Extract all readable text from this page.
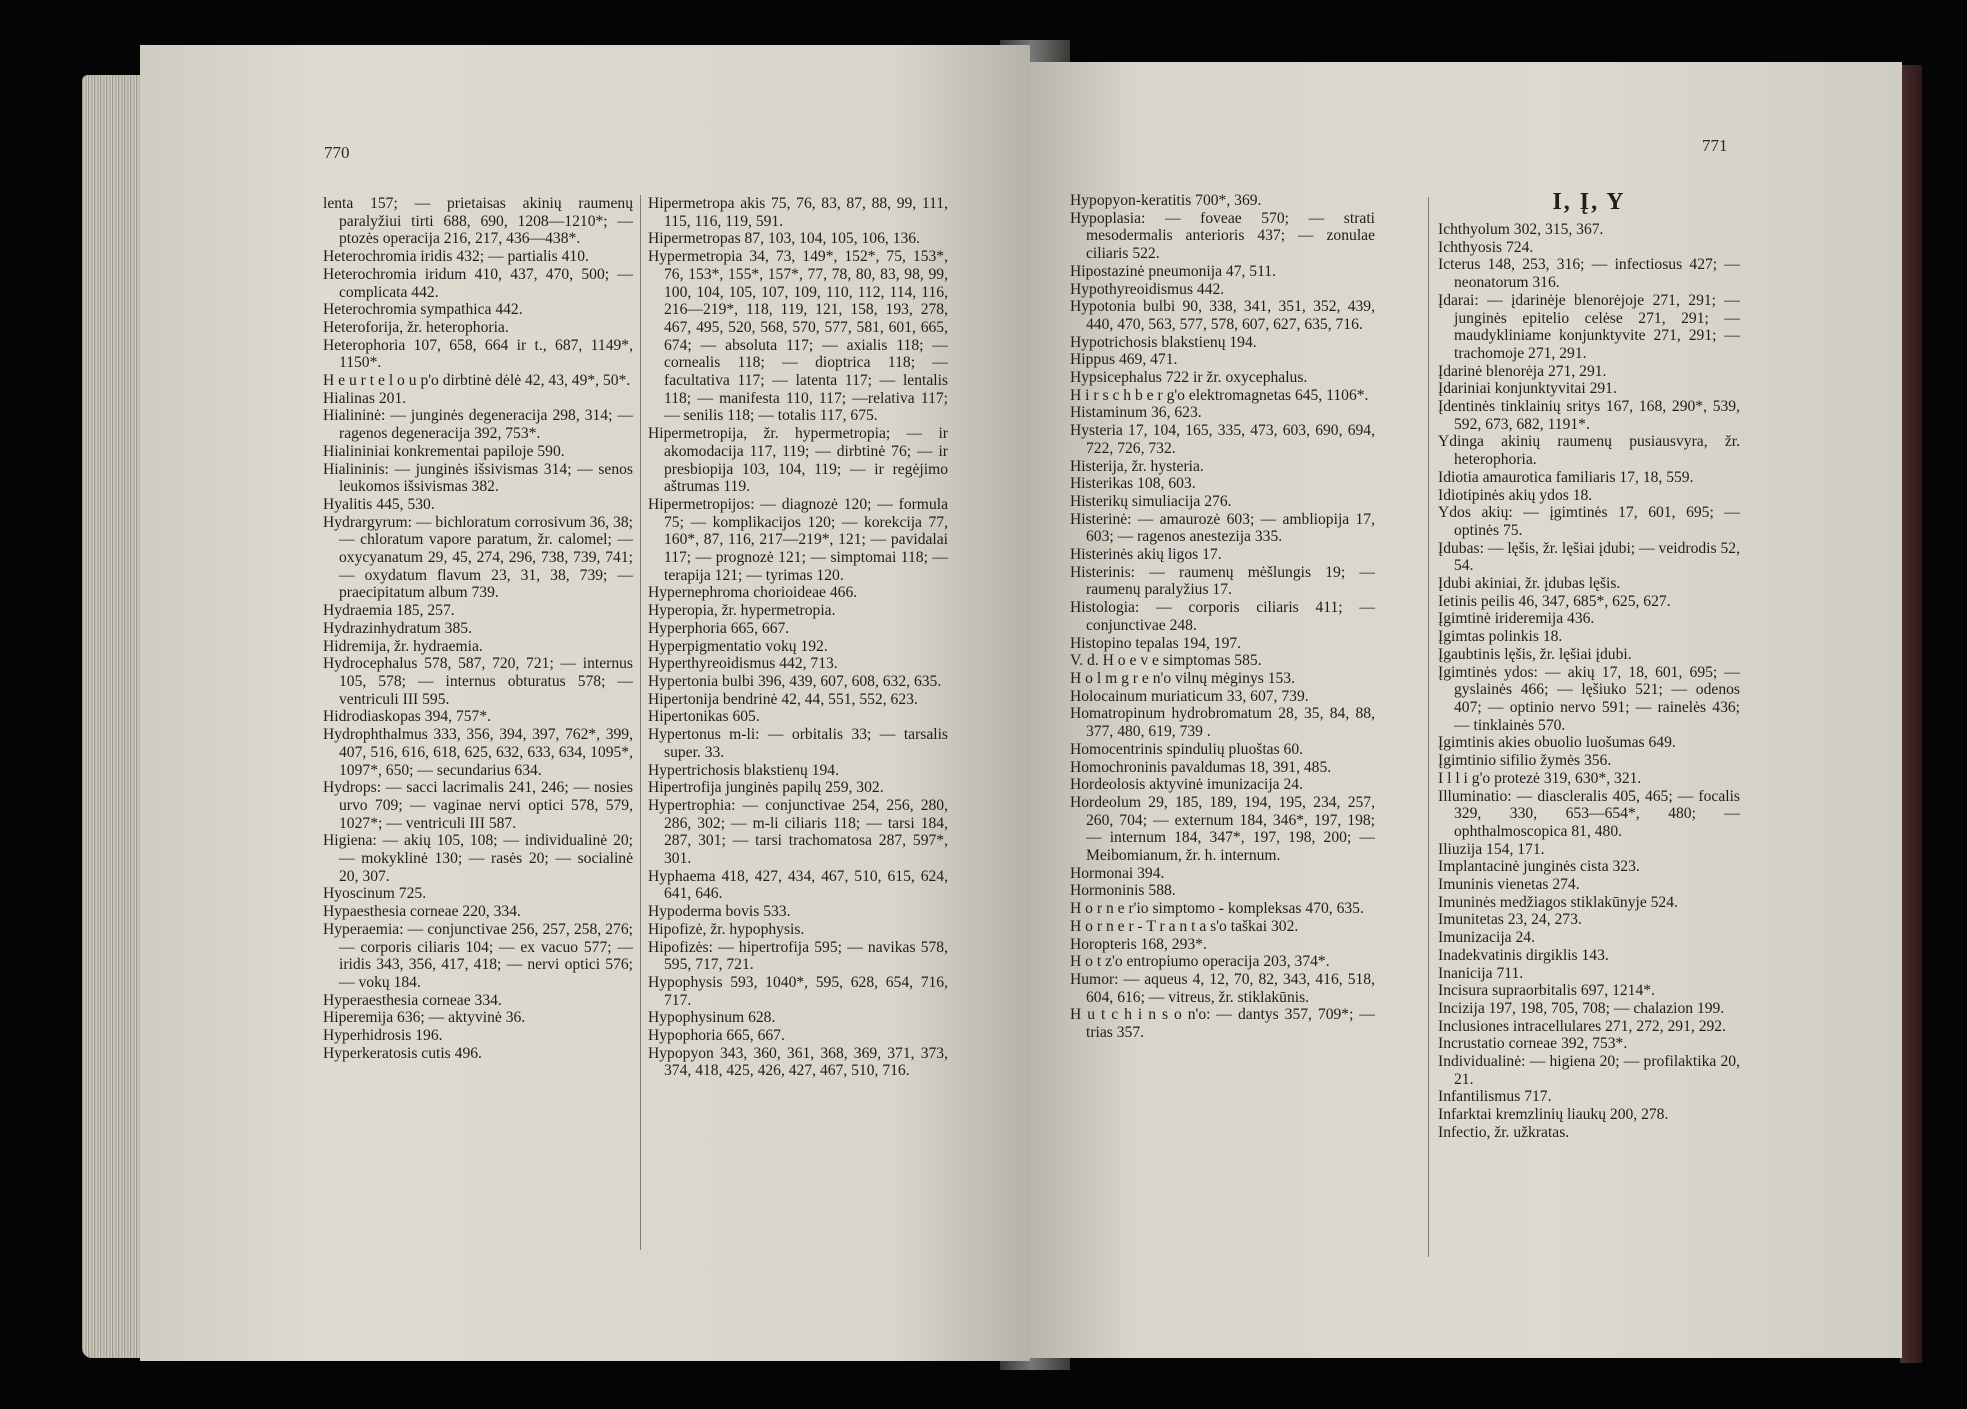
770

lenta 157; — prietaisas akinių raumenų paralyžiui tirti 688, 690, 1208—1210*; — ptozės operacija 216, 217, 436—438*.

Heterochromia iridis 432; — partialis 410.

Heterochromia iridum 410, 437, 470, 500; — complicata 442.

Heterochromia sympathica 442.

Heteroforija, žr. heterophoria.

Heterophoria 107, 658, 664 ir t., 687, 1149*, 1150*.

H e u r t e l o u p'o dirbtinė dėlė 42, 43, 49*, 50*.

Hialinas 201.

Hialininė: — junginės degeneracija 298, 314; — ragenos degeneracija 392, 753*.

Hialininiai konkrementai papiloje 590.

Hialininis: — junginės išsivismas 314; — senos leukomos išsivismas 382.

Hyalitis 445, 530.

Hydrargyrum: — bichloratum corrosivum 36, 38; — chloratum vapore paratum, žr. calomel; — oxycyanatum 29, 45, 274, 296, 738, 739, 741; — oxydatum flavum 23, 31, 38, 739; — praecipitatum album 739.

Hydraemia 185, 257.

Hydrazinhydratum 385.

Hidremija, žr. hydraemia.

Hydrocephalus 578, 587, 720, 721; — internus 105, 578; — internus obturatus 578; — ventriculi III 595.

Hidrodiaskopas 394, 757*.

Hydrophthalmus 333, 356, 394, 397, 762*, 399, 407, 516, 616, 618, 625, 632, 633, 634, 1095*, 1097*, 650; — secundarius 634.

Hydrops: — sacci lacrimalis 241, 246; — nosies urvo 709; — vaginae nervi optici 578, 579, 1027*; — ventriculi III 587.

Higiena: — akių 105, 108; — individualinė 20; — mokyklinė 130; — rasės 20; — socialinė 20, 307.

Hyoscinum 725.

Hypaesthesia corneae 220, 334.

Hyperaemia: — conjunctivae 256, 257, 258, 276; — corporis ciliaris 104; — ex vacuo 577; — iridis 343, 356, 417, 418; — nervi optici 576; — vokų 184.

Hyperaesthesia corneae 334.

Hiperemija 636; — aktyvinė 36.

Hyperhidrosis 196.

Hyperkeratosis cutis 496.

Hipermetropa akis 75, 76, 83, 87, 88, 99, 111, 115, 116, 119, 591.

Hipermetropas 87, 103, 104, 105, 106, 136.

Hypermetropia 34, 73, 149*, 152*, 75, 153*, 76, 153*, 155*, 157*, 77, 78, 80, 83, 98, 99, 100, 104, 105, 107, 109, 110, 112, 114, 116, 216—219*, 118, 119, 121, 158, 193, 278, 467, 495, 520, 568, 570, 577, 581, 601, 665, 674; — absoluta 117; — axialis 118; — cornealis 118; — dioptrica 118; — facultativa 117; — latenta 117; — lentalis 118; — manifesta 110, 117; —relativa 117; — senilis 118; — totalis 117, 675.

Hipermetropija, žr. hypermetropia; — ir akomodacija 117, 119; — dirbtinė 76; — ir presbiopija 103, 104, 119; — ir regėjimo aštrumas 119.

Hipermetropijos: — diagnozė 120; — formula 75; — komplikacijos 120; — korekcija 77, 160*, 87, 116, 217—219*, 121; — pavidalai 117; — prognozė 121; — simptomai 118; — terapija 121; — tyrimas 120.

Hypernephroma chorioideae 466.

Hyperopia, žr. hypermetropia.

Hyperphoria 665, 667.

Hyperpigmentatio vokų 192.

Hyperthyreoidismus 442, 713.

Hypertonia bulbi 396, 439, 607, 608, 632, 635.

Hipertonija bendrinė 42, 44, 551, 552, 623.

Hipertonikas 605.

Hypertonus m-li: — orbitalis 33; — tarsalis super. 33.

Hypertrichosis blakstienų 194.

Hipertrofija junginės papilų 259, 302.

Hypertrophia: — conjunctivae 254, 256, 280, 286, 302; — m-li ciliaris 118; — tarsi 184, 287, 301; — tarsi trachomatosa 287, 597*, 301.

Hyphaema 418, 427, 434, 467, 510, 615, 624, 641, 646.

Hypoderma bovis 533.

Hipofizė, žr. hypophysis.

Hipofizės: — hipertrofija 595; — navikas 578, 595, 717, 721.

Hypophysis 593, 1040*, 595, 628, 654, 716, 717.

Hypophysinum 628.

Hypophoria 665, 667.

Hypopyon 343, 360, 361, 368, 369, 371, 373, 374, 418, 425, 426, 427, 467, 510, 716.

771

Hypopyon-keratitis 700*, 369.

Hypoplasia: — foveae 570; — strati mesodermalis anterioris 437; — zonulae ciliaris 522.

Hipostazinė pneumonija 47, 511.

Hypothyreoidismus 442.

Hypotonia bulbi 90, 338, 341, 351, 352, 439, 440, 470, 563, 577, 578, 607, 627, 635, 716.

Hypotrichosis blakstienų 194.

Hippus 469, 471.

Hypsicephalus 722 ir žr. oxycephalus.

H i r s c h b e r g'o elektromagnetas 645, 1106*.

Histaminum 36, 623.

Hysteria 17, 104, 165, 335, 473, 603, 690, 694, 722, 726, 732.

Histerija, žr. hysteria.

Histerikas 108, 603.

Histerikų simuliacija 276.

Histerinė: — amaurozė 603; — ambliopija 17, 603; — ragenos anestezija 335.

Histerinės akių ligos 17.

Histerinis: — raumenų mėšlungis 19; — raumenų paralyžius 17.

Histologia: — corporis ciliaris 411; — conjunctivae 248.

Histopino tepalas 194, 197.

V. d. H o e v e simptomas 585.

H o l m g r e n'o vilnų mėginys 153.

Holocainum muriaticum 33, 607, 739.

Homatropinum hydrobromatum 28, 35, 84, 88, 377, 480, 619, 739 .

Homocentrinis spindulių pluoštas 60.

Homochroninis pavaldumas 18, 391, 485.

Hordeolosis aktyvinė imunizacija 24.

Hordeolum 29, 185, 189, 194, 195, 234, 257, 260, 704; — externum 184, 346*, 197, 198; — internum 184, 347*, 197, 198, 200; — Meibomianum, žr. h. internum.

Hormonai 394.

Hormoninis 588.

H o r n e r'io simptomo - kompleksas 470, 635.

H o r n e r - T r a n t a s'o taškai 302.

Horopteris 168, 293*.

H o t z'o entropiumo operacija 203, 374*.

Humor: — aqueus 4, 12, 70, 82, 343, 416, 518, 604, 616; — vitreus, žr. stiklakūnis.

H u t c h i n s o n'o: — dantys 357, 709*; — trias 357.

I, Į, Y

Ichthyolum 302, 315, 367.

Ichthyosis 724.

Icterus 148, 253, 316; — infectiosus 427; — neonatorum 316.

Įdarai: — įdarinėje blenorėjoje 271, 291; — junginės epitelio celėse 271, 291; — maudykliniame konjunktyvite 271, 291; — trachomoje 271, 291.

Įdarinė blenorėja 271, 291.

Įdariniai konjunktyvitai 291.

Įdentinės tinklainių sritys 167, 168, 290*, 539, 592, 673, 682, 1191*.

Ydinga akinių raumenų pusiausvyra, žr. heterophoria.

Idiotia amaurotica familiaris 17, 18, 559.

Idiotipinės akių ydos 18.

Ydos akių: — įgimtinės 17, 601, 695; — optinės 75.

Įdubas: — lęšis, žr. lęšiai įdubi; — veidrodis 52, 54.

Įdubi akiniai, žr. įdubas lęšis.

Ietinis peilis 46, 347, 685*, 625, 627.

Įgimtinė irideremija 436.

Įgimtas polinkis 18.

Įgaubtinis lęšis, žr. lęšiai įdubi.

Įgimtinės ydos: — akių 17, 18, 601, 695; — gyslainės 466; — lęšiuko 521; — odenos 407; — optinio nervo 591; — rainelės 436; — tinklainės 570.

Įgimtinis akies obuolio luošumas 649.

Įgimtinio sifilio žymės 356.

I l l i g'o protezė 319, 630*, 321.

Illuminatio: — diascleralis 405, 465; — focalis 329, 330, 653—654*, 480; — ophthalmoscopica 81, 480.

Iliuzija 154, 171.

Implantacinė junginės cista 323.

Imuninis vienetas 274.

Imuninės medžiagos stiklakūnyje 524.

Imunitetas 23, 24, 273.

Imunizacija 24.

Inadekvatinis dirgiklis 143.

Inanicija 711.

Incisura supraorbitalis 697, 1214*.

Incizija 197, 198, 705, 708; — chalazion 199.

Inclusiones intracellulares 271, 272, 291, 292.

Incrustatio corneae 392, 753*.

Individualinė: — higiena 20; — profilaktika 20, 21.

Infantilismus 717.

Infarktai kremzlinių liaukų 200, 278.

Infectio, žr. užkratas.
